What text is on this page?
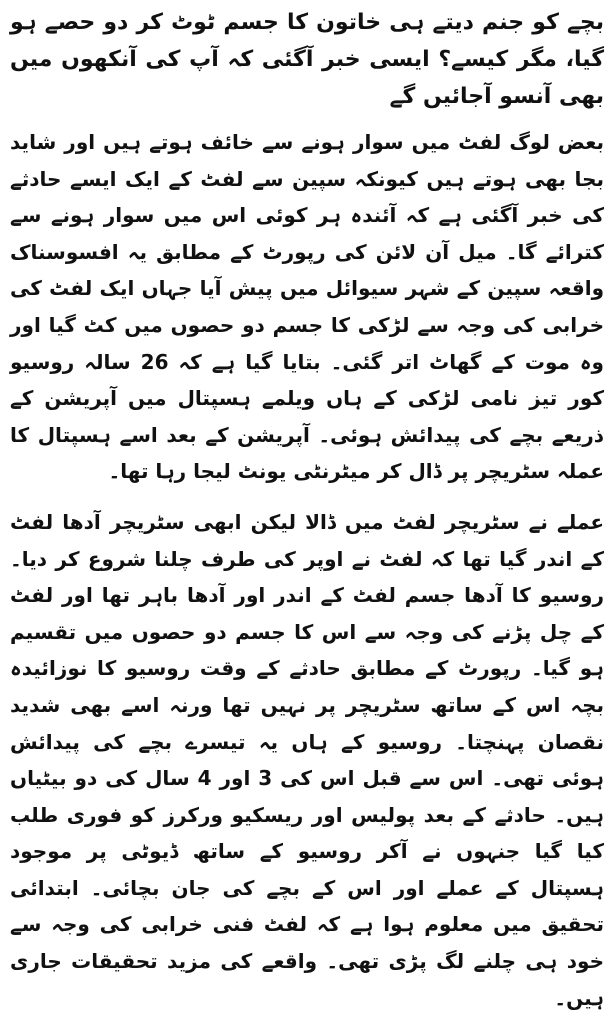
بچے کو جنم دیتے ہی خاتون کا جسم ٹوٹ کر دو حصے ہو گیا، مگر کیسے؟ ایسی خبر آگئی کہ آپ کی آنکھوں میں بھی آنسو آجائیں گے

بعض لوگ لفٹ میں سوار ہونے سے خائف ہوتے ہیں اور شاید بجا بھی ہوتے ہیں کیونکہ سپین سے لفٹ کے ایک ایسے حادثے کی خبر آگئی ہے کہ آئندہ ہر کوئی اس میں سوار ہونے سے کترائے گا۔ میل آن لائن کی رپورٹ کے مطابق یہ افسوسناک واقعہ سپین کے شہر سیوائل میں پیش آیا جہاں ایک لفٹ کی خرابی کی وجہ سے لڑکی کا جسم دو حصوں میں کٹ گیا اور وہ موت کے گھاٹ اتر گئی۔ بتایا گیا ہے کہ 26 سالہ روسیو کور تیز نامی لڑکی کے ہاں ویلمے ہسپتال میں آپریشن کے ذریعے بچے کی پیدائش ہوئی۔ آپریشن کے بعد اسے ہسپتال کا عملہ سٹریچر پر ڈال کر میٹرنٹی یونٹ لیجا رہا تھا۔

عملے نے سٹریچر لفٹ میں ڈالا لیکن ابھی سٹریچر آدھا لفٹ کے اندر گیا تھا کہ لفٹ نے اوپر کی طرف چلنا شروع کر دیا۔ روسیو کا آدھا جسم لفٹ کے اندر اور آدھا باہر تھا اور لفٹ کے چل پڑنے کی وجہ سے اس کا جسم دو حصوں میں تقسیم ہو گیا۔ رپورٹ کے مطابق حادثے کے وقت روسیو کا نوزائیدہ بچہ اس کے ساتھ سٹریچر پر نہیں تھا ورنہ اسے بھی شدید نقصان پہنچتا۔ روسیو کے ہاں یہ تیسرے بچے کی پیدائش ہوئی تھی۔ اس سے قبل اس کی 3 اور 4 سال کی دو بیٹیاں ہیں۔ حادثے کے بعد پولیس اور ریسکیو ورکرز کو فوری طلب کیا گیا جنہوں نے آکر روسیو کے ساتھ ڈیوٹی پر موجود ہسپتال کے عملے اور اس کے بچے کی جان بچائی۔ ابتدائی تحقیق میں معلوم ہوا ہے کہ لفٹ فنی خرابی کی وجہ سے خود ہی چلنے لگ پڑی تھی۔ واقعے کی مزید تحقیقات جاری ہیں۔
